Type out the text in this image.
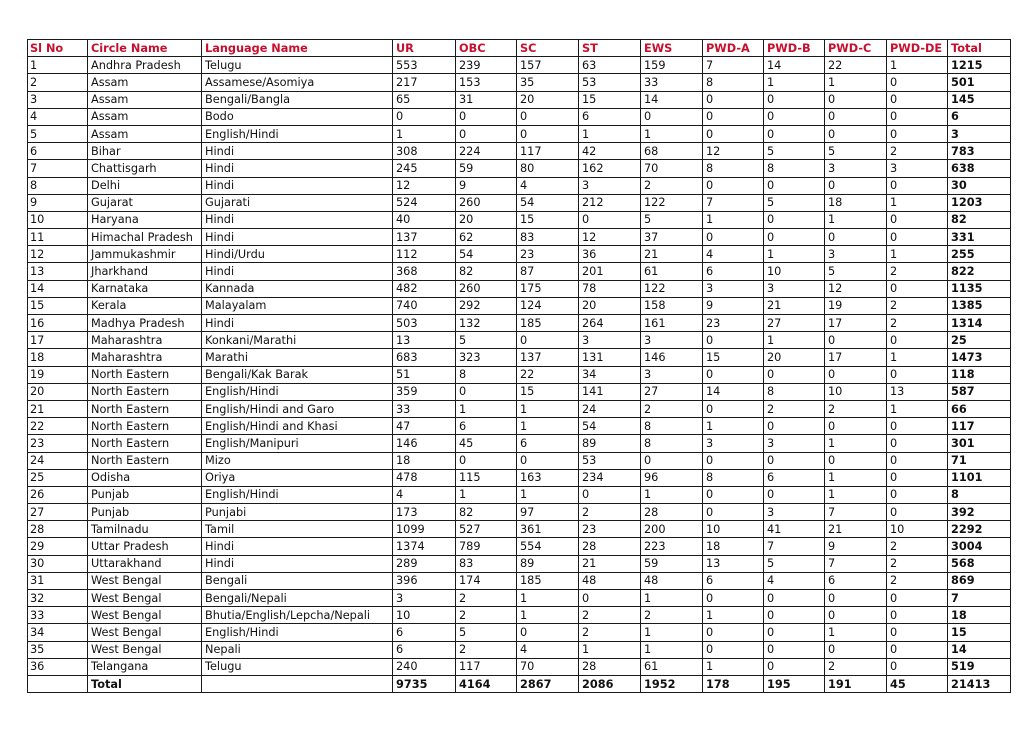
Sl No	Circle Name	Language Name	UR	OBC	SC	ST	EWS	PWD-A	PWD-B	PWD-C	PWD-DE	Total
1	Andhra Pradesh	Telugu	553	239	157	63	159	7	14	22	1	1215
2	Assam	Assamese/Asomiya	217	153	35	53	33	8	1	1	0	501
3	Assam	Bengali/Bangla	65	31	20	15	14	0	0	0	0	145
4	Assam	Bodo	0	0	0	6	0	0	0	0	0	6
5	Assam	English/Hindi	1	0	0	1	1	0	0	0	0	3
6	Bihar	Hindi	308	224	117	42	68	12	5	5	2	783
7	Chattisgarh	Hindi	245	59	80	162	70	8	8	3	3	638
8	Delhi	Hindi	12	9	4	3	2	0	0	0	0	30
9	Gujarat	Gujarati	524	260	54	212	122	7	5	18	1	1203
10	Haryana	Hindi	40	20	15	0	5	1	0	1	0	82
11	Himachal Pradesh	Hindi	137	62	83	12	37	0	0	0	0	331
12	Jammukashmir	Hindi/Urdu	112	54	23	36	21	4	1	3	1	255
13	Jharkhand	Hindi	368	82	87	201	61	6	10	5	2	822
14	Karnataka	Kannada	482	260	175	78	122	3	3	12	0	1135
15	Kerala	Malayalam	740	292	124	20	158	9	21	19	2	1385
16	Madhya Pradesh	Hindi	503	132	185	264	161	23	27	17	2	1314
17	Maharashtra	Konkani/Marathi	13	5	0	3	3	0	1	0	0	25
18	Maharashtra	Marathi	683	323	137	131	146	15	20	17	1	1473
19	North Eastern	Bengali/Kak Barak	51	8	22	34	3	0	0	0	0	118
20	North Eastern	English/Hindi	359	0	15	141	27	14	8	10	13	587
21	North Eastern	English/Hindi and Garo	33	1	1	24	2	0	2	2	1	66
22	North Eastern	English/Hindi and Khasi	47	6	1	54	8	1	0	0	0	117
23	North Eastern	English/Manipuri	146	45	6	89	8	3	3	1	0	301
24	North Eastern	Mizo	18	0	0	53	0	0	0	0	0	71
25	Odisha	Oriya	478	115	163	234	96	8	6	1	0	1101
26	Punjab	English/Hindi	4	1	1	0	1	0	0	1	0	8
27	Punjab	Punjabi	173	82	97	2	28	0	3	7	0	392
28	Tamilnadu	Tamil	1099	527	361	23	200	10	41	21	10	2292
29	Uttar Pradesh	Hindi	1374	789	554	28	223	18	7	9	2	3004
30	Uttarakhand	Hindi	289	83	89	21	59	13	5	7	2	568
31	West Bengal	Bengali	396	174	185	48	48	6	4	6	2	869
32	West Bengal	Bengali/Nepali	3	2	1	0	1	0	0	0	0	7
33	West Bengal	Bhutia/English/Lepcha/Nepali	10	2	1	2	2	1	0	0	0	18
34	West Bengal	English/Hindi	6	5	0	2	1	0	0	1	0	15
35	West Bengal	Nepali	6	2	4	1	1	0	0	0	0	14
36	Telangana	Telugu	240	117	70	28	61	1	0	2	0	519
	Total		9735	4164	2867	2086	1952	178	195	191	45	21413
